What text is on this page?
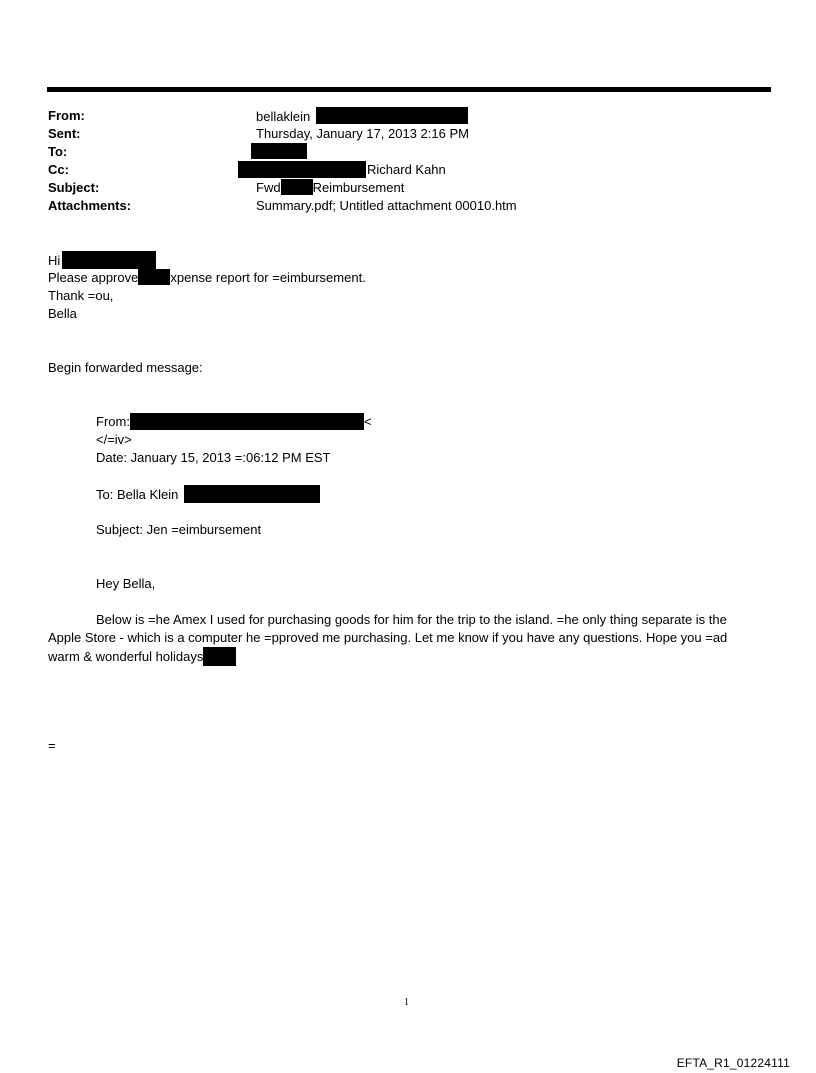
From:	bellaklein
Sent:	Thursday, January 17, 2013 2:16 PM
To:
Cc:	Richard Kahn
Subject:	Fwd Reimbursement
Attachments:	Summary.pdf; Untitled attachment 00010.htm
Hi
Please approve xpense report for =eimbursement.
Thank =ou,
Bella
Begin forwarded message:
From:	<
</=iv>
Date: January 15, 2013 =:06:12 PM EST
To: Bella Klein
Subject: Jen =eimbursement
Hey Bella,
Below is =he Amex I used for purchasing goods for him for the trip to the island. =he only thing separate is the Apple Store - which is a computer he =pproved me purchasing. Let me know if you have any questions. Hope you =ad warm & wonderful holidays
=
1
EFTA_R1_01224111
